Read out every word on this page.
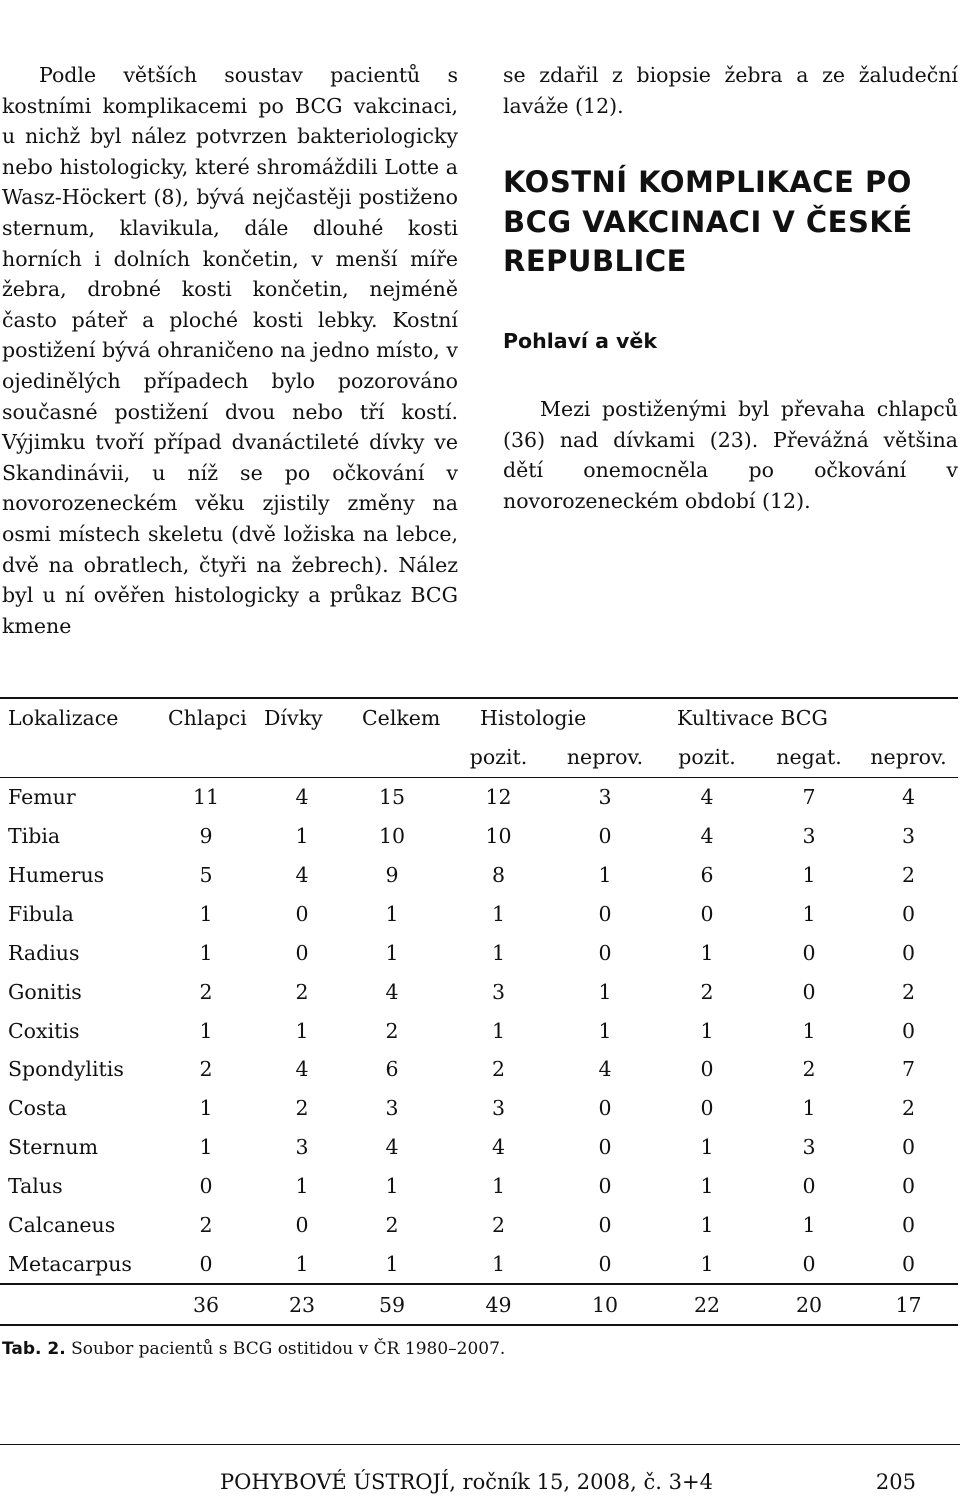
Podle větších soustav pacientů s kostními komplikacemi po BCG vakcinaci, u nichž byl nález potvrzen bakteriologicky nebo histologicky, které shromáždili Lotte a Wasz-Höckert (8), bývá nejčastěji postiženo sternum, klavikula, dále dlouhé kosti horních i dolních končetin, v menší míře žebra, drobné kosti končetin, nejméně často páteř a ploché kosti lebky. Kostní postižení bývá ohraničeno na jedno místo, v ojedinělých případech bylo pozorováno současné postižení dvou nebo tří kostí. Výjimku tvoří případ dvanáctileté dívky ve Skandinávii, u níž se po očkování v novorozeneckém věku zjistily změny na osmi místech skeletu (dvě ložiska na lebce, dvě na obratlech, čtyři na žebrech). Nález byl u ní ověřen histologicky a průkaz BCG kmene

se zdařil z biopsie žebra a ze žaludeční laváže (12).

KOSTNÍ KOMPLIKACE PO BCG VAKCINACI V ČESKÉ REPUBLICE
Pohlaví a věk

Mezi postiženými byl převaha chlapců (36) nad dívkami (23). Převážná většina dětí onemocněla po očkování v novorozeneckém období (12).

Lokalizace	Chlapci	Dívky	Celkem	Histologie		Kultivace BCG		
				pozit.	neprov.	pozit.	negat.	neprov.
Femur	11	4	15	12	3	4	7	4
Tibia	9	1	10	10	0	4	3	3
Humerus	5	4	9	8	1	6	1	2
Fibula	1	0	1	1	0	0	1	0
Radius	1	0	1	1	0	1	0	0
Gonitis	2	2	4	3	1	2	0	2
Coxitis	1	1	2	1	1	1	1	0
Spondylitis	2	4	6	2	4	0	2	7
Costa	1	2	3	3	0	0	1	2
Sternum	1	3	4	4	0	1	3	0
Talus	0	1	1	1	0	1	0	0
Calcaneus	2	0	2	2	0	1	1	0
Metacarpus	0	1	1	1	0	1	0	0
	36	23	59	49	10	22	20	17
Tab. 2. Soubor pacientů s BCG ostitidou v ČR 1980–2007.
POHYBOVÉ ÚSTROJÍ, ročník 15, 2008, č. 3+4	205
